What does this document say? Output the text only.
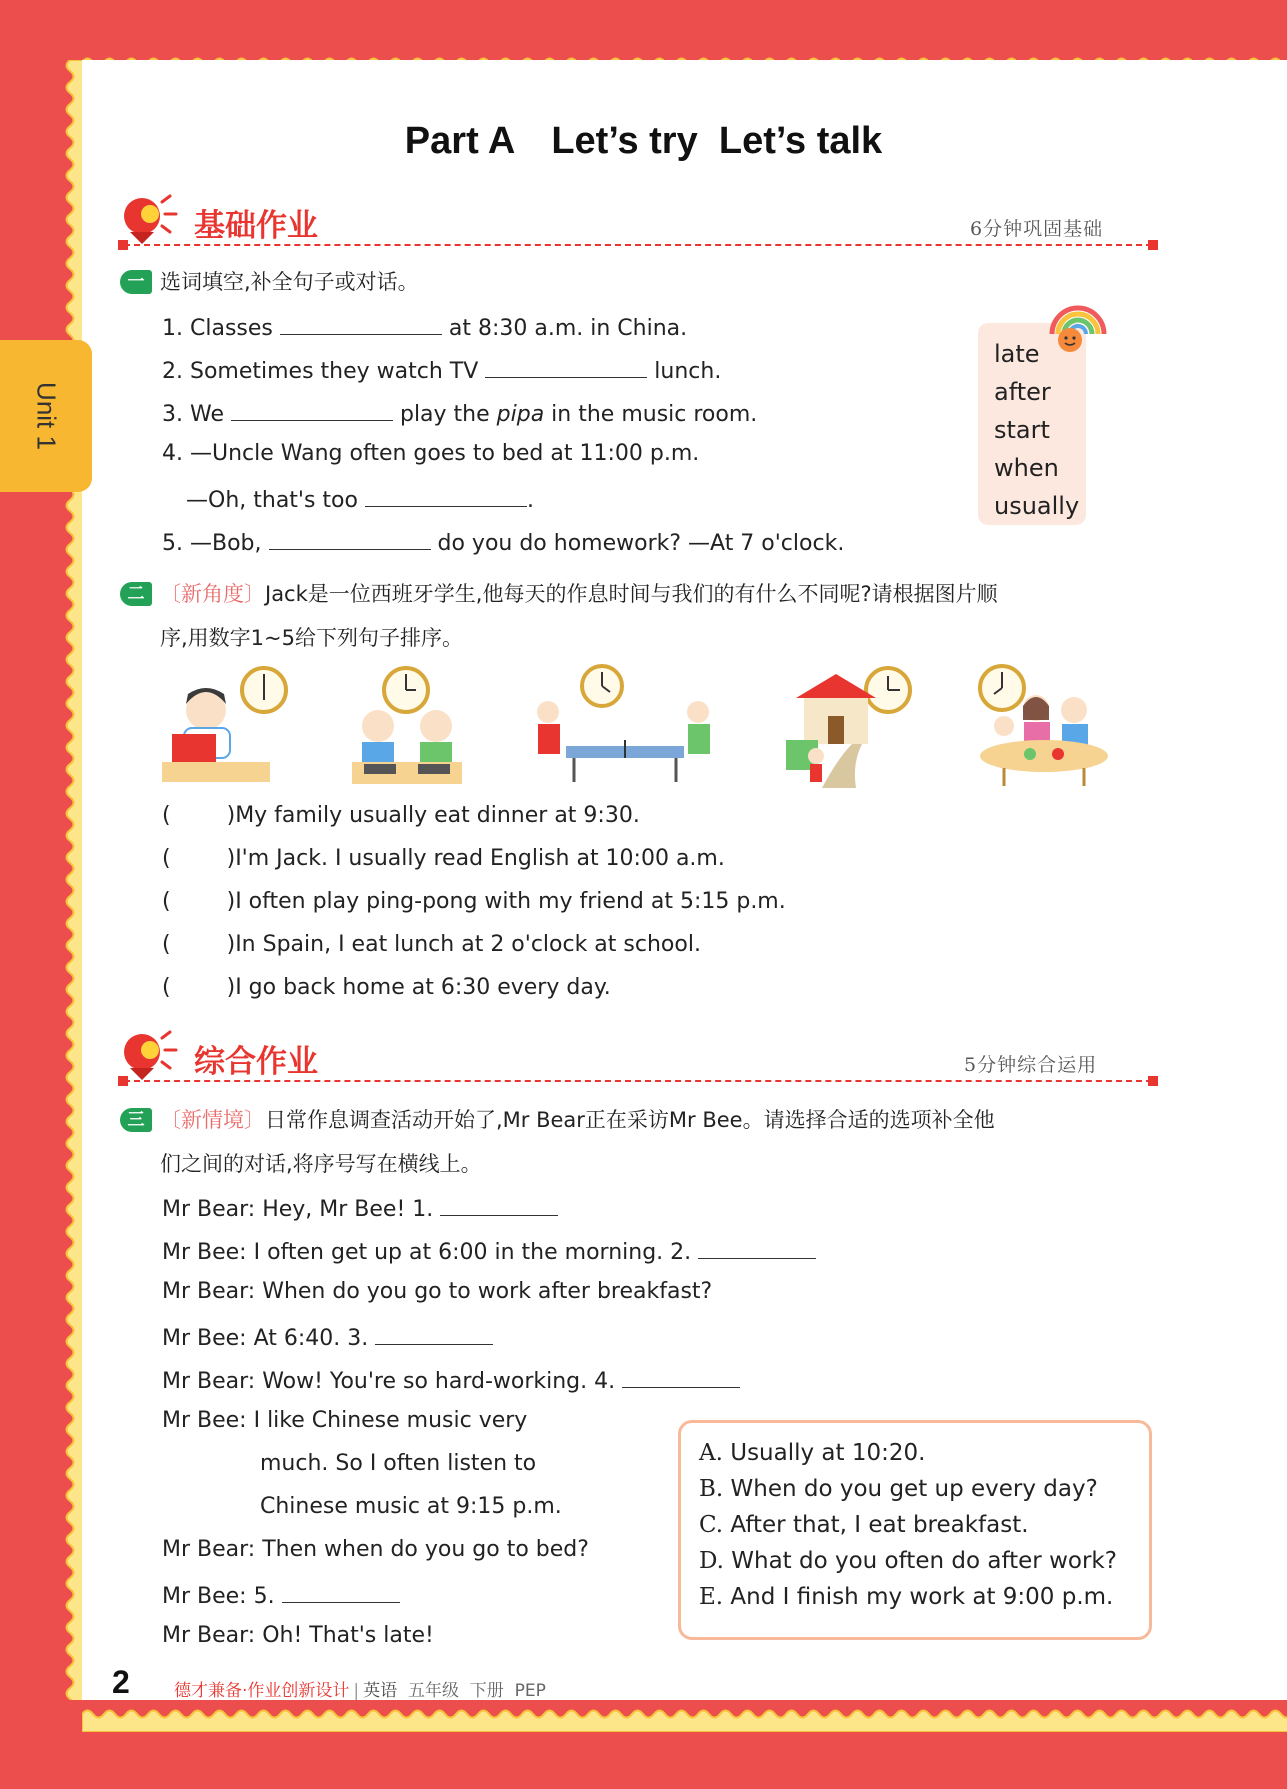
Unit 1
Part A Let’s try Let’s talk
基础作业	6分钟巩固基础
一 选词填空,补全句子或对话。
1. Classes	at 8:30 a.m. in China.
2. Sometimes they watch TV	lunch.
3. We	play the pipa in the music room.
4. —Uncle Wang often goes to bed at 11:00 p.m.
—Oh, that's too	.
5. —Bob,	do you do homework? —At 7 o'clock.
late
after
start
when
usually
二 〔新角度〕Jack是一位西班牙学生,他每天的作息时间与我们的有什么不同呢?请根据图片顺
序,用数字1~5给下列句子排序。
(	)My family usually eat dinner at 9:30.
(	)I'm Jack. I usually read English at 10:00 a.m.
(	)I often play ping-pong with my friend at 5:15 p.m.
(	)In Spain, I eat lunch at 2 o'clock at school.
(	)I go back home at 6:30 every day.
综合作业	5分钟综合运用
三 〔新情境〕日常作息调查活动开始了,Mr Bear正在采访Mr Bee。请选择合适的选项补全他
们之间的对话,将序号写在横线上。
Mr Bear: Hey, Mr Bee! 1.
Mr Bee: I often get up at 6:00 in the morning. 2.
Mr Bear: When do you go to work after breakfast?
Mr Bee: At 6:40. 3.
Mr Bear: Wow! You're so hard-working. 4.
Mr Bee: I like Chinese music very
much. So I often listen to
Chinese music at 9:15 p.m.
Mr Bear: Then when do you go to bed?
Mr Bee: 5.
Mr Bear: Oh! That's late!
A. Usually at 10:20.
B. When do you get up every day?
C. After that, I eat breakfast.
D. What do you often do after work?
E. And I finish my work at 9:00 p.m.
2	德才兼备·作业创新设计 | 英语 五年级 下册 PEP
